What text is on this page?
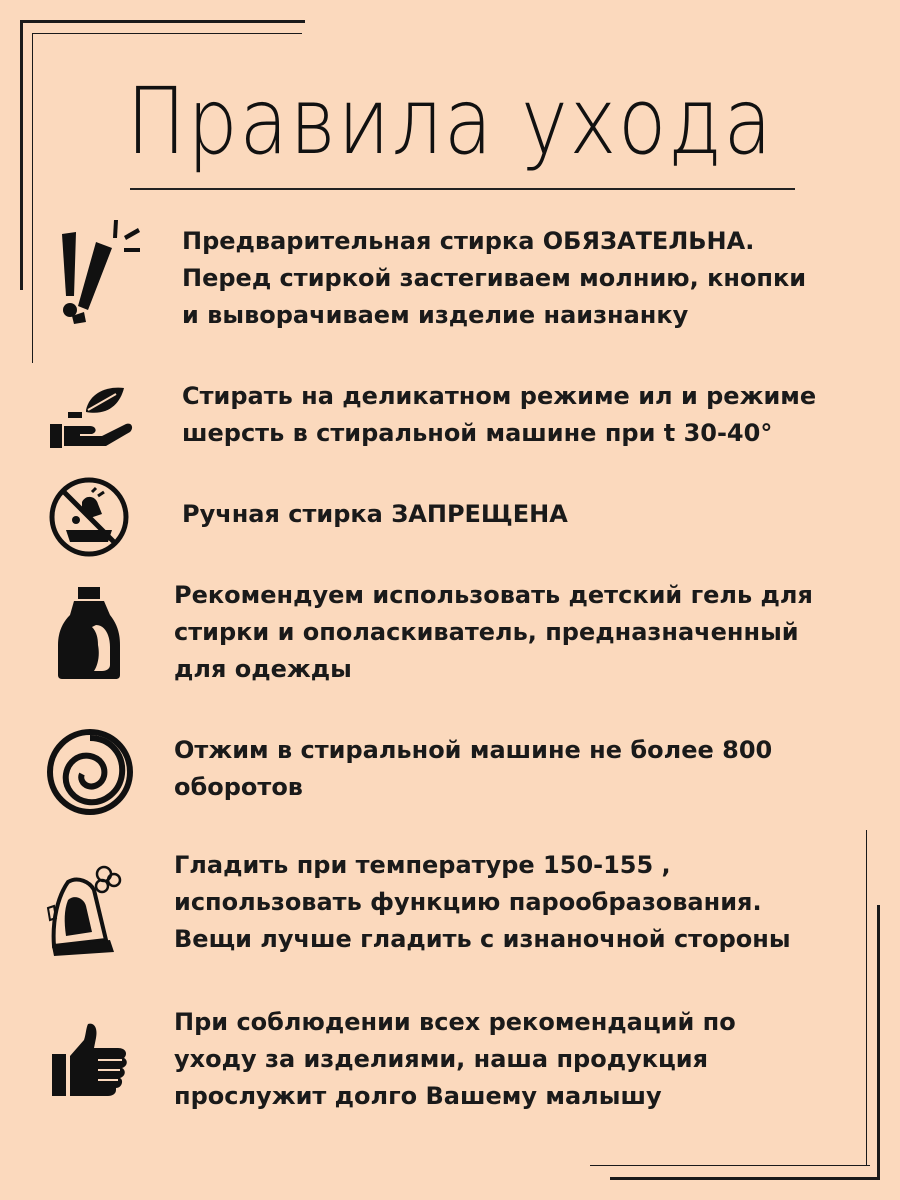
Правила ухода
Предварительная стирка ОБЯЗАТЕЛЬНА.
Перед стиркой застегиваем молнию, кнопки
и выворачиваем изделие наизнанку
Стирать на деликатном режиме ил и режиме
шерсть в стиральной машине при t 30-40°
Ручная стирка ЗАПРЕЩЕНА
Рекомендуем использовать детский гель для
стирки и ополаскиватель, предназначенный
для одежды
Отжим в стиральной машине не более 800
оборотов
Гладить при температуре 150-155 ,
использовать функцию парообразования.
Вещи лучше гладить с изнаночной стороны
При соблюдении всех рекомендаций по
уходу за изделиями, наша продукция
прослужит долго Вашему малышу
